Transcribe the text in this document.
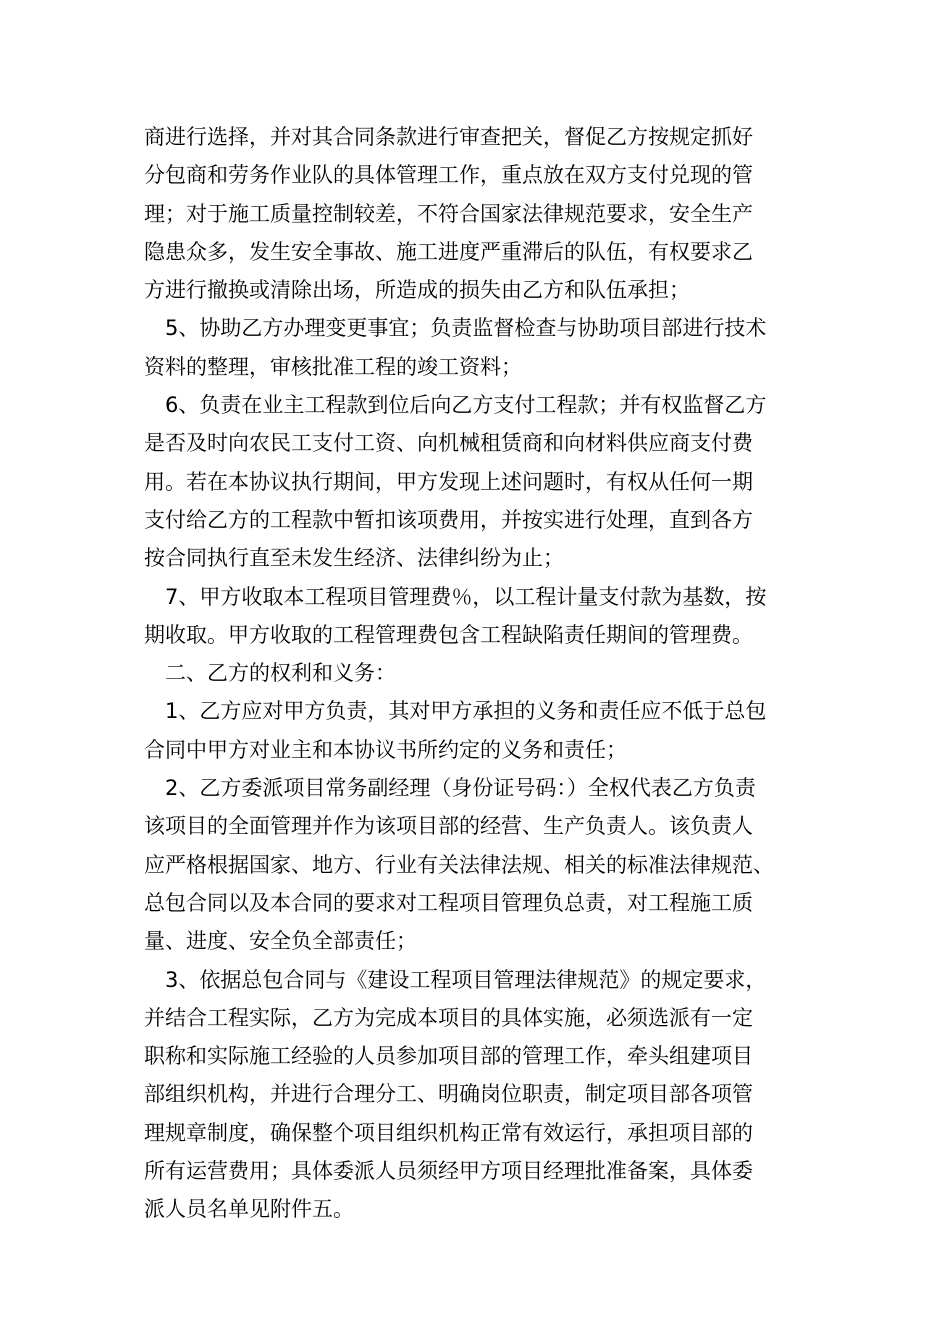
商进行选择，并对其合同条款进行审查把关，督促乙方按规定抓好
分包商和劳务作业队的具体管理工作，重点放在双方支付兑现的管
理；对于施工质量控制较差，不符合国家法律规范要求，安全生产
隐患众多，发生安全事故、施工进度严重滞后的队伍，有权要求乙
方进行撤换或清除出场，所造成的损失由乙方和队伍承担；
5、协助乙方办理变更事宜；负责监督检查与协助项目部进行技术
资料的整理，审核批准工程的竣工资料；
6、负责在业主工程款到位后向乙方支付工程款；并有权监督乙方
是否及时向农民工支付工资、向机械租赁商和向材料供应商支付费
用。若在本协议执行期间，甲方发现上述问题时，有权从任何一期
支付给乙方的工程款中暂扣该项费用，并按实进行处理，直到各方
按合同执行直至未发生经济、法律纠纷为止；
7、甲方收取本工程项目管理费％，以工程计量支付款为基数，按
期收取。甲方收取的工程管理费包含工程缺陷责任期间的管理费。
二、乙方的权利和义务：
1、乙方应对甲方负责，其对甲方承担的义务和责任应不低于总包
合同中甲方对业主和本协议书所约定的义务和责任；
2、乙方委派项目常务副经理（身份证号码：）全权代表乙方负责
该项目的全面管理并作为该项目部的经营、生产负责人。该负责人
应严格根据国家、地方、行业有关法律法规、相关的标准法律规范、
总包合同以及本合同的要求对工程项目管理负总责，对工程施工质
量、进度、安全负全部责任；
3、依据总包合同与《建设工程项目管理法律规范》的规定要求，
并结合工程实际，乙方为完成本项目的具体实施，必须选派有一定
职称和实际施工经验的人员参加项目部的管理工作，牵头组建项目
部组织机构，并进行合理分工、明确岗位职责，制定项目部各项管
理规章制度，确保整个项目组织机构正常有效运行，承担项目部的
所有运营费用；具体委派人员须经甲方项目经理批准备案，具体委
派人员名单见附件五。
